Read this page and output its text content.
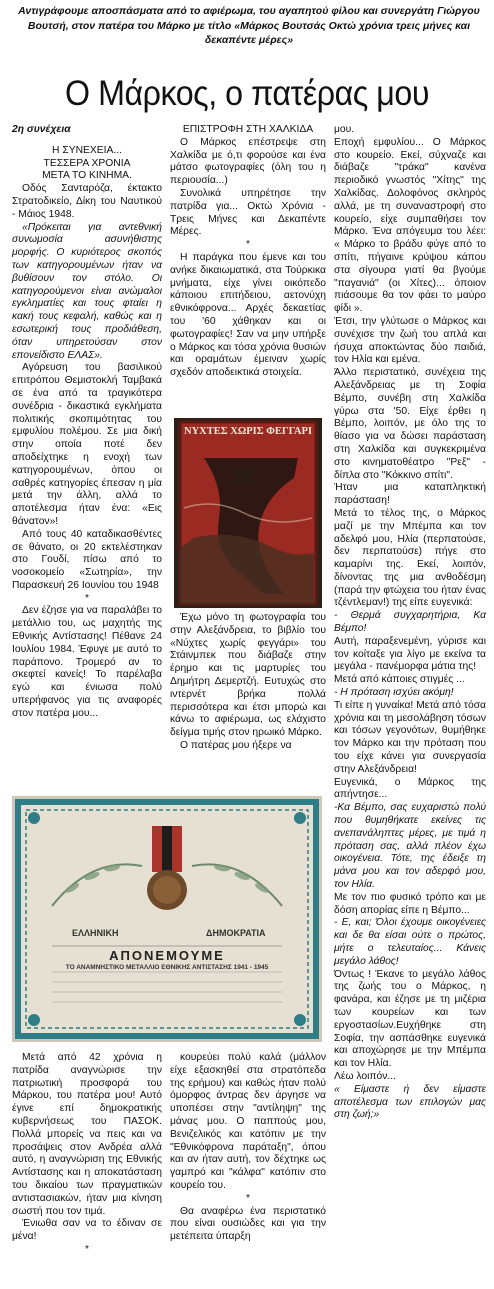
Αντιγράφουμε αποσπάσματα από το αφιέρωμα, του αγαπητού φίλου και συνεργάτη Γιώργου Βουτσή, στον πατέρα του Μάρκο με τίτλο «Μάρκος Βουτσάς Οκτώ χρόνια τρεις μήνες και δεκαπέντε μέρες»
Ο Μάρκος, ο πατέρας μου

2η συνέχεια

Η ΣΥΝΕΧΕΙΑ...

ΤΕΣΣΕΡΑ ΧΡΟΝΙΑ

ΜΕΤΑ ΤΟ ΚΙΝΗΜΑ.

Οδός Σανταρόζα, έκτακτο Στρατοδικείο, Δίκη του Ναυτικού - Μάιος 1948.

«Πρόκειται για αντεθνική συνωμοσία ασυνήθιστης μορφής. Ο κυριότερος σκοπός των κατηγορουμένων ήταν να βυθίσουν τον στόλο. Οι κατηγορούμενοι είναι ανώμαλοι εγκληματίες και τους φταίει η κακή τους κεφαλή, καθώς και η εσωτερική τους προδιάθεση, όταν υπηρετούσαν στον επονείδιστο ΕΛΑΣ».

Αγόρευση του βασιλικού επιτρόπου Θεμιστοκλή Ταμβακά σε ένα από τα τραγικότερα συνέδρια - δικαστικά εγκλήματα πολιτικής σκοπιμότητας του εμφυλίου πολέμου. Σε μια δική στην οποία ποτέ δεν αποδείχτηκε η ενοχή των κατηγορουμένων, όπου οι σαθρές κατηγορίες έπεσαν η μία μετά την άλλη, αλλά το αποτέλεσμα ήταν ένα: «Εις θάνατον»!

Από τους 40 καταδικασθέντες σε θάνατο, οι 20 εκτελέστηκαν στο Γουδί, πίσω από το νοσοκομείο «Σωτηρία», την Παρασκευή 26 Ιουνίου του 1948

*

Δεν έζησε για να παραλάβει το μετάλλιο του, ως μαχητής της Εθνικής Αντίστασης! Πέθανε 24 Ιουλίου 1984. Έφυγε με αυτό το παράπονο. Τρομερό αν το σκεφτεί κανείς! Το παρέλαβα εγώ και ένιωσα πολύ υπερήφανος για τις αναφορές στον πατέρα μου...

ΕΠΙΣΤΡΟΦΗ ΣΤΗ ΧΑΛΚΙΔΑ

Ο Μάρκος επέστρεψε στη Χαλκίδα με ό,τι φορούσε και ένα μάτσο φωτογραφίες (όλη του η περιουσία...)

Συνολικά υπηρέτησε την πατρίδα για... Οκτώ Χρόνια - Τρεις Μήνες και Δεκαπέντε Μέρες.

*

Η παράγκα που έμενε και του ανήκε δικαιωματικά, στα Τούρκικα μνήματα, είχε γίνει οικόπεδο κάποιου επιτήδειου, αετονύχη εθνικόφρονα... Αρχές δεκαετίας του '60 χάθηκαν και οι φωτογραφίες! Σαν να μην υπήρξε ο Μάρκος και τόσα χρόνια θυσιών και οραμάτων έμειναν χωρίς σχεδόν αποδεικτικά στοιχεία.

ΝΥΧΤΕΣ ΧΩΡΙΣ ΦΕΓΓΑΡΙ

Έχω μόνο τη φωτογραφία του στην Αλεξάνδρεια, το βιβλίο του «Νύχτες χωρίς φεγγάρι» του Στάινμπεκ που διάβαζε στην έρημο και τις μαρτυρίες του Δημήτρη Δεμερτζή. Ευτυχώς στο ιντερνέτ βρήκα πολλά περισσότερα και έτσι μπορώ και κάνω το αφιέρωμα, ως ελάχιστο δείγμα τιμής στον ηρωικό Μάρκο.

Ο πατέρας μου ήξερε να

μου.
Εποχή εμφυλίου... Ο Μάρκος στο κουρείο. Εκεί, σύχναζε και διάβαζε "τράκα" κανένα περιοδικό γνωστός "Χίτης" της Χαλκίδας. Δολοφόνος σκληρός αλλά, με τη συναναστροφή στο κουρείο, είχε συμπαθήσει τον Μάρκο. Ένα απόγευμα του λέει: « Μάρκο το βράδυ φύγε από το σπίτι, πήγαινε κρύψου κάπου στα σίγουρα γιατί θα βγούμε "παγανιά" (οι Χίτες)... όποιον πιάσουμε θα τον φάει το μαύρο φίδι ».
Έτσι, την γλύτωσε ο Μάρκος και συνέχισε την ζωή του απλά και ήσυχα αποκτώντας δύο παιδιά, τον Ηλία και εμένα.
Άλλο περιστατικό, συνέχεια της Αλεξάνδρειας με τη Σοφία Βέμπο, συνέβη στη Χαλκίδα γύρω στα '50. Είχε έρθει η Βέμπο, λοιπόν, με όλο της το θίασο για να δώσει παράσταση στη Χαλκίδα και συγκεκριμένα στο κινηματοθέατρο "Ρεξ" - δίπλα στο "Κόκκινο σπίτι".
Ήταν μια καταπληκτική παράσταση!
Μετά το τέλος της, ο Μάρκος μαζί με την Μπέμπα και τον αδελφό μου, Ηλία (περπατούσε, δεν περπατούσε) πήγε στο καμαρίνι της. Εκεί, λοιπόν, δίνοντας της μια ανθοδέσμη (παρά την φτώχεια του ήταν ένας τζέντλεμαν!) της είπε ευγενικά:
- Θερμά συγχαρητήρια, Κα Βέμπο!
Αυτή, παραξενεμένη, γύρισε και τον κοίταξε για λίγο με εκείνα τα μεγάλα - πανέμορφα μάτια της!
Μετά από κάποιες στιγμές ...
- Η πρόταση ισχύει ακόμη!
Τι είπε η γυναίκα! Μετά από τόσα χρόνια και τη μεσολάβηση τόσων και τόσων γεγονότων, θυμήθηκε τον Μάρκο και την πρόταση που του είχε κάνει για συνεργασία στην Αλεξάνδρεια!
Ευγενικά, ο Μάρκος της απήντησε...
-Κα Βέμπο, σας ευχαριστώ πολύ που θυμηθήκατε εκείνες τις ανεπανάληπτες μέρες, με τιμά η πρόταση σας, αλλά πλέον έχω οικογένεια. Τότε, της έδειξε τη μάνα μου και τον αδερφό μου, τον Ηλία.
Με τον πιο φυσικό τρόπο και με δόση απορίας είπε η Βέμπο...
- Ε, και; Όλοι έχουμε οικογένειες και δε θα είσαι ούτε ο πρώτος, μήτε ο τελευταίος... Κάνεις μεγάλο λάθος!
Όντως ! Έκανε το μεγάλο λάθος της ζωής του ο Μάρκος, η φανάρα, και έζησε με τη μιζέρια των κουρείων και των εργοστασίων.Ευχήθηκε στη Σοφία, την ασπάσθηκε ευγενικά και αποχώρησε με την Μπέμπα και τον Ηλία.
Λέω λοιπόν...
« Είμαστε ή δεν είμαστε αποτέλεσμα των επιλογών μας στη ζωή;»
ΕΛΛΗΝΙΚΗ	ΔΗΜΟΚΡΑΤΙΑ
ΑΠΟΝΕΜΟΥΜΕ
ΤΟ ΑΝΑΜΝΗΣΤΙΚΟ ΜΕΤΑΛΛΙΟ ΕΘΝΙΚΗΣ ΑΝΤΙΣΤΑΣΗΣ 1941 - 1945

Μετά από 42 χρόνια η πατρίδα αναγνώρισε την πατριωτική προσφορά του Μάρκου, του πατέρα μου! Αυτό έγινε επί δημοκρατικής κυβερνήσεως του ΠΑΣΟΚ. Πολλά μπορείς να πεις και να προσάψεις στον Ανδρέα αλλά αυτό, η αναγνώριση της Εθνικής Αντίστασης και η αποκατάσταση του δικαίου των πραγματικών αντιστασιακών, ήταν μια κίνηση σωστή που τον τιμά.

Ένιωθα σαν να το έδιναν σε μένα!

*

κουρεύει πολύ καλά (μάλλον είχε εξασκηθεί στα στρατόπεδα της ερήμου) και καθώς ήταν πολύ όμορφος άντρας δεν άργησε να υποπέσει στην "αντίληψη" της μάνας μου. Ο παππούς μου, Βενιζελικός και κατόπιν με την "Εθνικόφρονα παράταξη", όπου και αν ήταν αυτή, τον δέχτηκε ως γαμπρό και "κάλφα" κατόπιν στο κουρείο του.

*

Θα αναφέρω ένα περιστατικό που είναι ουσιώδες και για την μετέπειτα ύπαρξη
